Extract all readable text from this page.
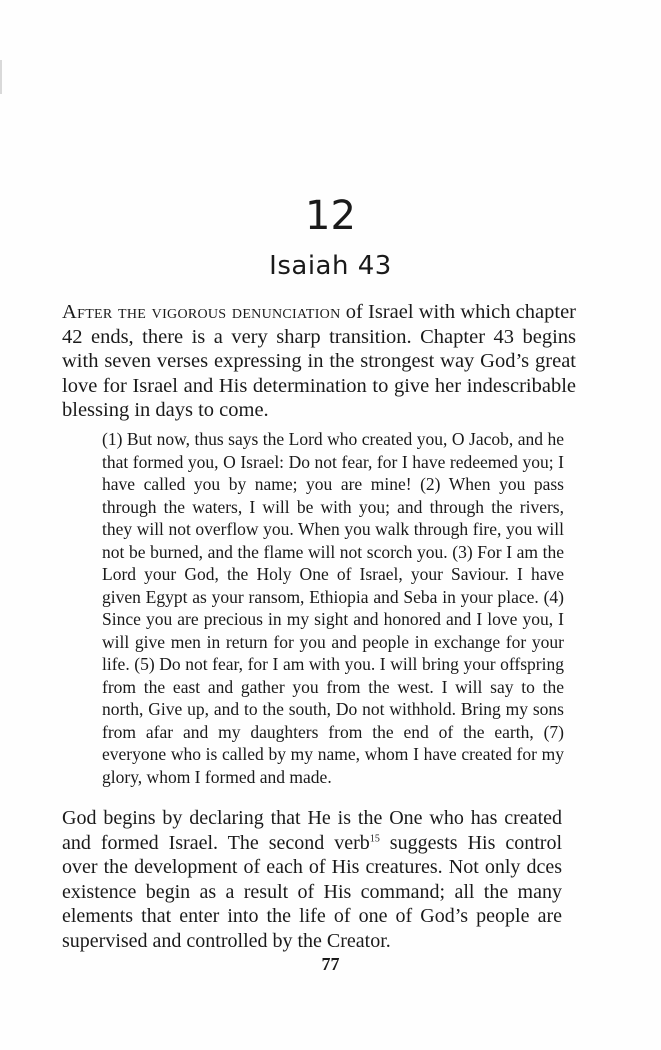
12
Isaiah 43

After the vigorous denunciation of Israel with which chapter 42 ends, there is a very sharp transition. Chapter 43 begins with seven verses expressing in the strongest way God’s great love for Israel and His determination to give her indescribable blessing in days to come.

(1) But now, thus says the Lord who created you, O Jacob, and he that formed you, O Israel: Do not fear, for I have redeemed you; I have called you by name; you are mine! (2) When you pass through the waters, I will be with you; and through the rivers, they will not overflow you. When you walk through fire, you will not be burned, and the flame will not scorch you. (3) For I am the Lord your God, the Holy One of Israel, your Saviour. I have given Egypt as your ransom, Ethiopia and Seba in your place. (4) Since you are precious in my sight and honored and I love you, I will give men in return for you and people in exchange for your life. (5) Do not fear, for I am with you. I will bring your offspring from the east and gather you from the west. I will say to the north, Give up, and to the south, Do not withhold. Bring my sons from afar and my daughters from the end of the earth, (7) everyone who is called by my name, whom I have created for my glory, whom I formed and made.

God begins by declaring that He is the One who has created and formed Israel. The second verb$^{15}$ suggests His control over the development of each of His creatures. Not only dces existence begin as a result of His command; all the many elements that enter into the life of one of God’s people are supervised and controlled by the Creator.

77
